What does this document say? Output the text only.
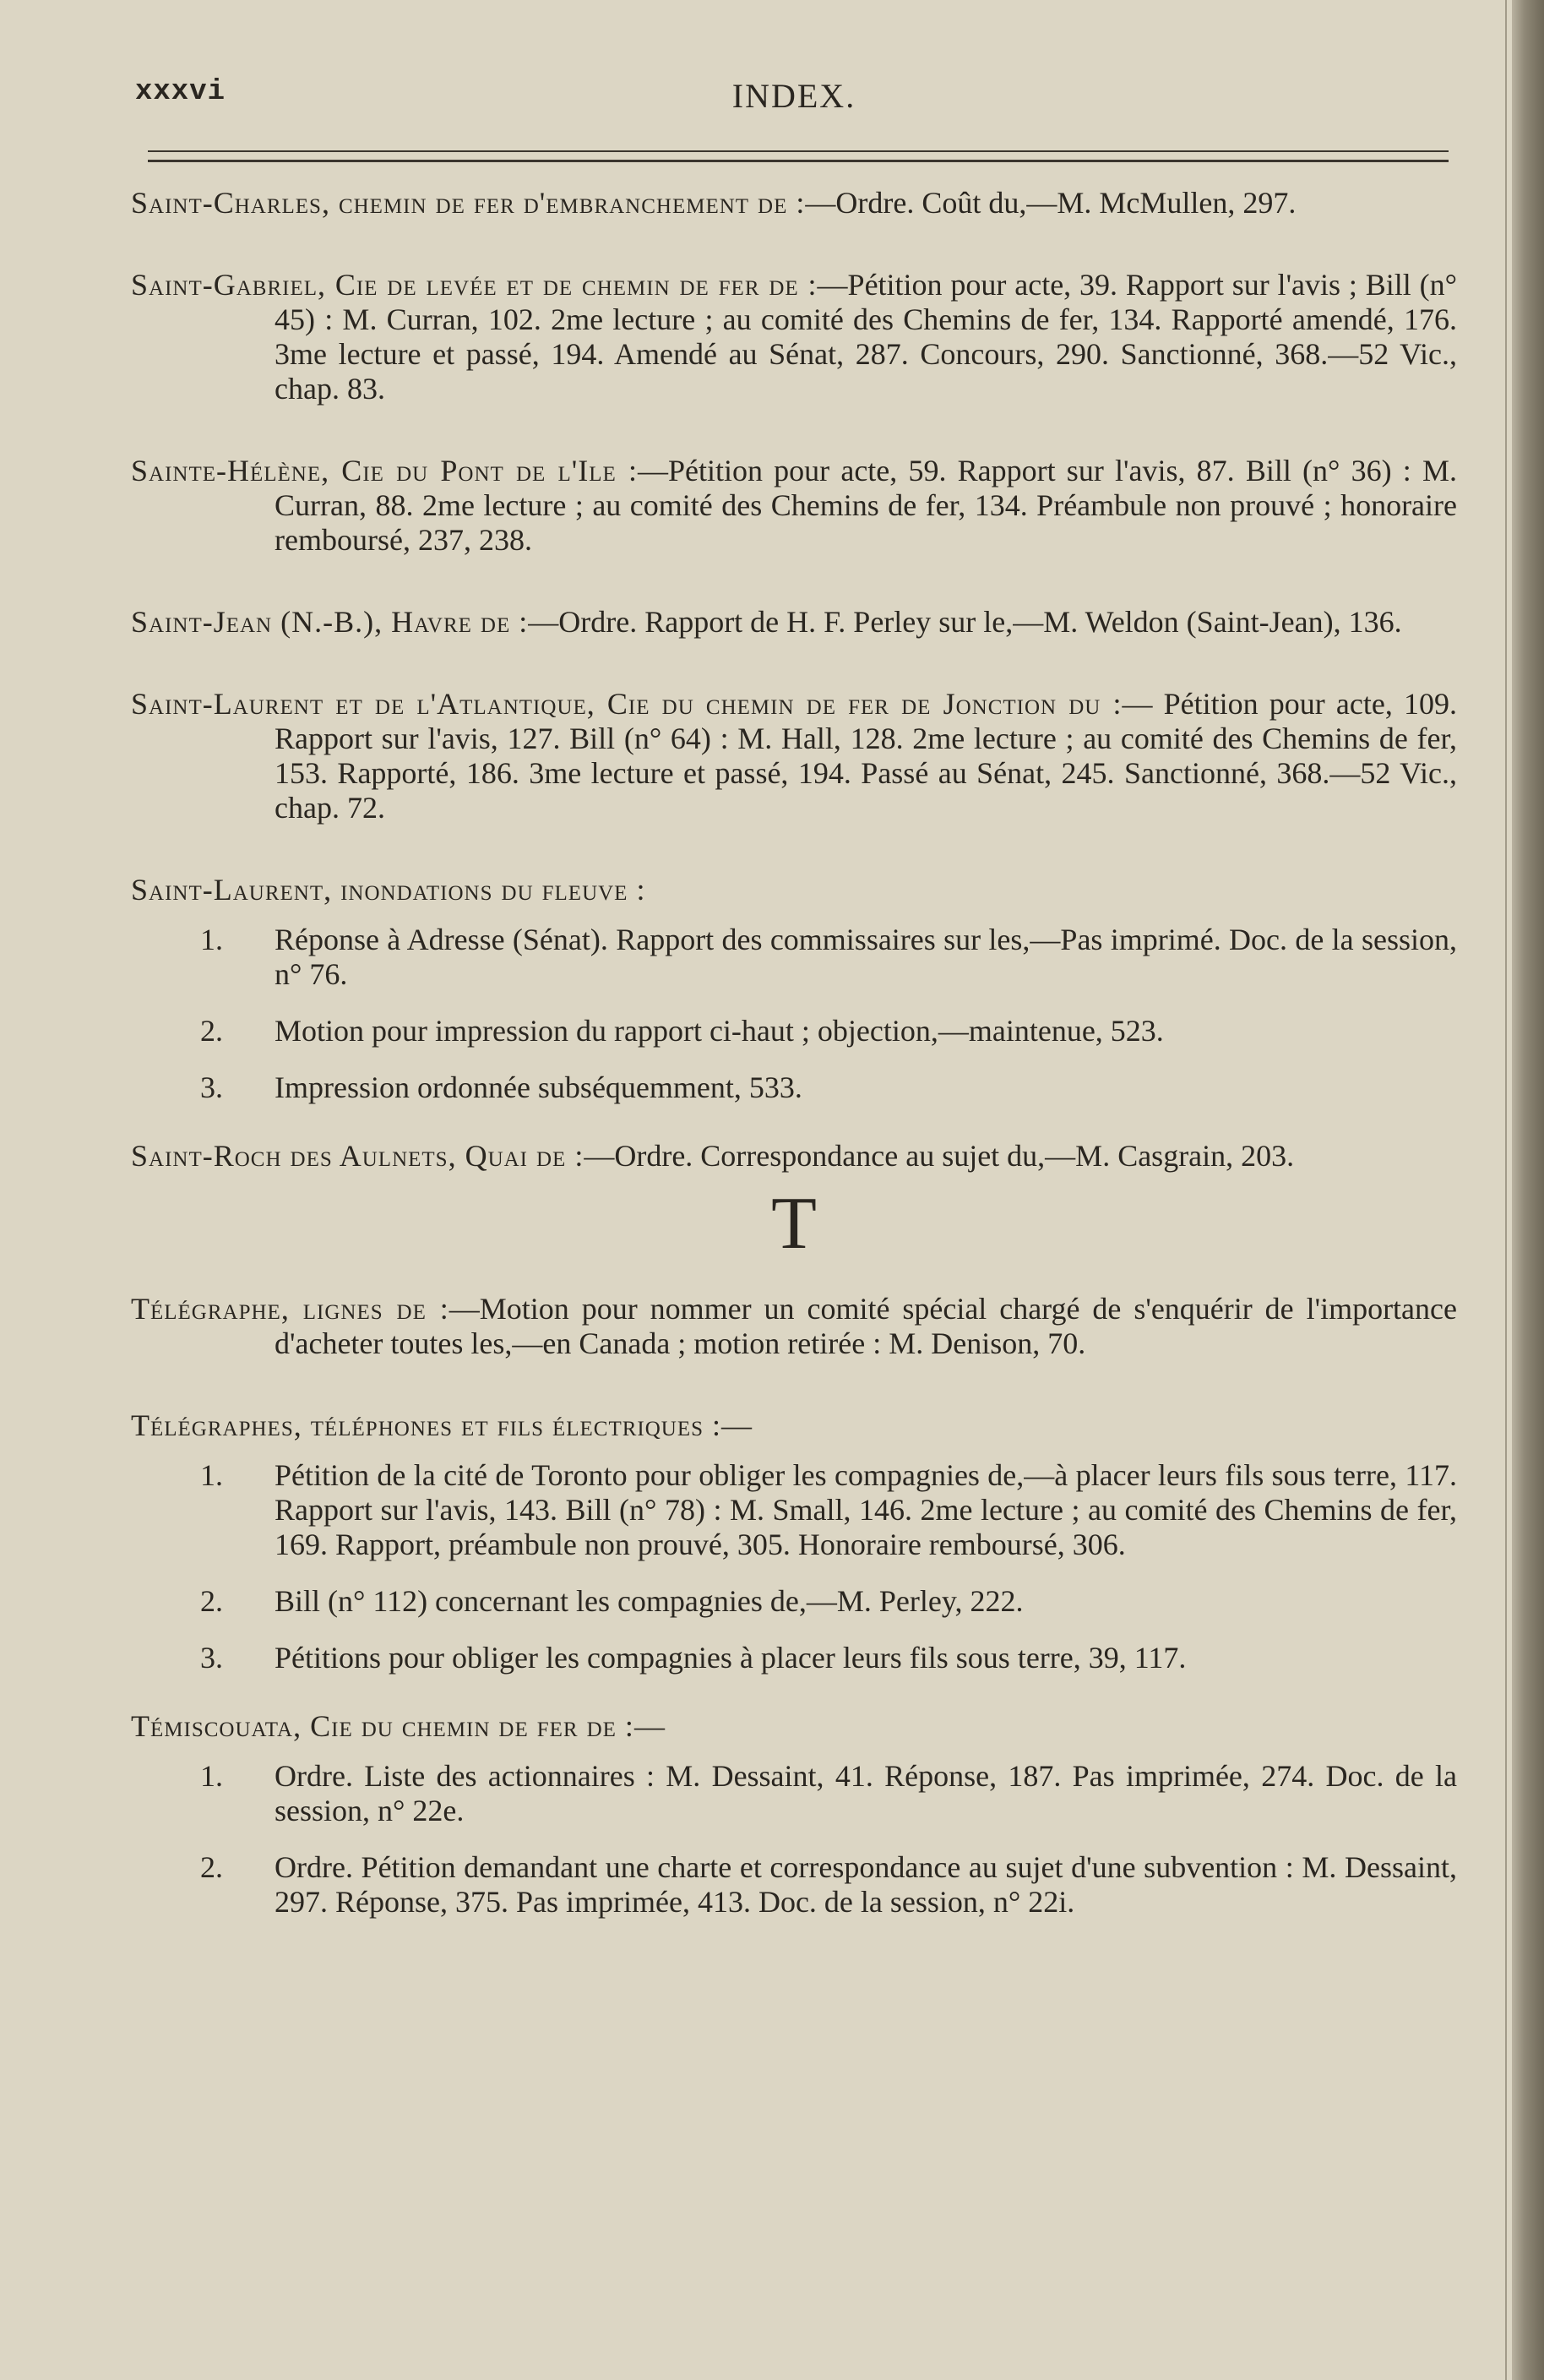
xxxvi	INDEX.

Saint-Charles, chemin de fer d'embranchement de :—Ordre. Coût du,—M. McMullen, 297.

Saint-Gabriel, Cie de levée et de chemin de fer de :—Pétition pour acte, 39. Rapport sur l'avis ; Bill (n° 45) : M. Curran, 102. 2me lecture ; au comité des Chemins de fer, 134. Rapporté amendé, 176. 3me lecture et passé, 194. Amendé au Sénat, 287. Concours, 290. Sanctionné, 368.—52 Vic., chap. 83.

Sainte-Hélène, Cie du Pont de l'Ile :—Pétition pour acte, 59. Rapport sur l'avis, 87. Bill (n° 36) : M. Curran, 88. 2me lecture ; au comité des Chemins de fer, 134. Préambule non prouvé ; honoraire remboursé, 237, 238.

Saint-Jean (N.-B.), Havre de :—Ordre. Rapport de H. F. Perley sur le,—M. Weldon (Saint-Jean), 136.

Saint-Laurent et de l'Atlantique, Cie du chemin de fer de Jonction du :— Pétition pour acte, 109. Rapport sur l'avis, 127. Bill (n° 64) : M. Hall, 128. 2me lecture ; au comité des Chemins de fer, 153. Rapporté, 186. 3me lecture et passé, 194. Passé au Sénat, 245. Sanctionné, 368.—52 Vic., chap. 72.

Saint-Laurent, inondations du fleuve :

1. Réponse à Adresse (Sénat). Rapport des commissaires sur les,—Pas imprimé. Doc. de la session, n° 76.
2. Motion pour impression du rapport ci-haut ; objection,—maintenue, 523.
3. Impression ordonnée subséquemment, 533.

Saint-Roch des Aulnets, Quai de :—Ordre. Correspondance au sujet du,—M. Casgrain, 203.

T

Télégraphe, lignes de :—Motion pour nommer un comité spécial chargé de s'enquérir de l'importance d'acheter toutes les,—en Canada ; motion retirée : M. Denison, 70.

Télégraphes, téléphones et fils électriques :—

1. Pétition de la cité de Toronto pour obliger les compagnies de,—à placer leurs fils sous terre, 117. Rapport sur l'avis, 143. Bill (n° 78) : M. Small, 146. 2me lecture ; au comité des Chemins de fer, 169. Rapport, préambule non prouvé, 305. Honoraire remboursé, 306.
2. Bill (n° 112) concernant les compagnies de,—M. Perley, 222.
3. Pétitions pour obliger les compagnies à placer leurs fils sous terre, 39, 117.

Témiscouata, Cie du chemin de fer de :—

1. Ordre. Liste des actionnaires : M. Dessaint, 41. Réponse, 187. Pas imprimée, 274. Doc. de la session, n° 22e.
2. Ordre. Pétition demandant une charte et correspondance au sujet d'une subvention : M. Dessaint, 297. Réponse, 375. Pas imprimée, 413. Doc. de la session, n° 22i.
